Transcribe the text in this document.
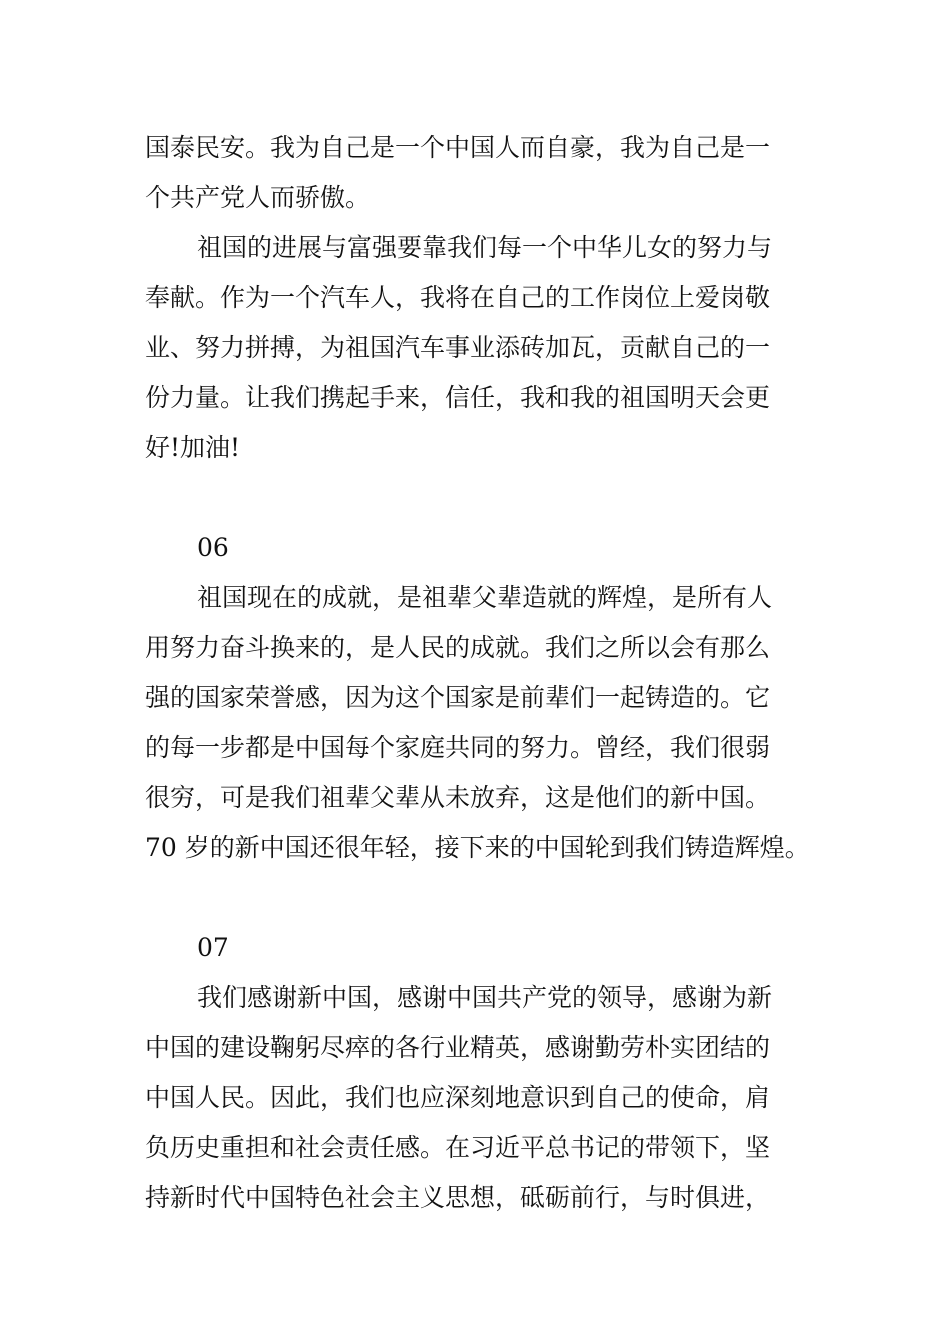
国泰民安。我为自己是一个中国人而自豪，我为自己是一
个共产党人而骄傲。
祖国的进展与富强要靠我们每一个中华儿女的努力与
奉献。作为一个汽车人，我将在自己的工作岗位上爱岗敬
业、努力拼搏，为祖国汽车事业添砖加瓦，贡献自己的一
份力量。让我们携起手来，信任，我和我的祖国明天会更
好!加油!
06
祖国现在的成就，是祖辈父辈造就的辉煌，是所有人
用努力奋斗换来的，是人民的成就。我们之所以会有那么
强的国家荣誉感，因为这个国家是前辈们一起铸造的。它
的每一步都是中国每个家庭共同的努力。曾经，我们很弱
很穷，可是我们祖辈父辈从未放弃，这是他们的新中国。
70 岁的新中国还很年轻，接下来的中国轮到我们铸造辉煌。
07
我们感谢新中国，感谢中国共产党的领导，感谢为新
中国的建设鞠躬尽瘁的各行业精英，感谢勤劳朴实团结的
中国人民。因此，我们也应深刻地意识到自己的使命，肩
负历史重担和社会责任感。在习近平总书记的带领下，坚
持新时代中国特色社会主义思想，砥砺前行，与时俱进，
